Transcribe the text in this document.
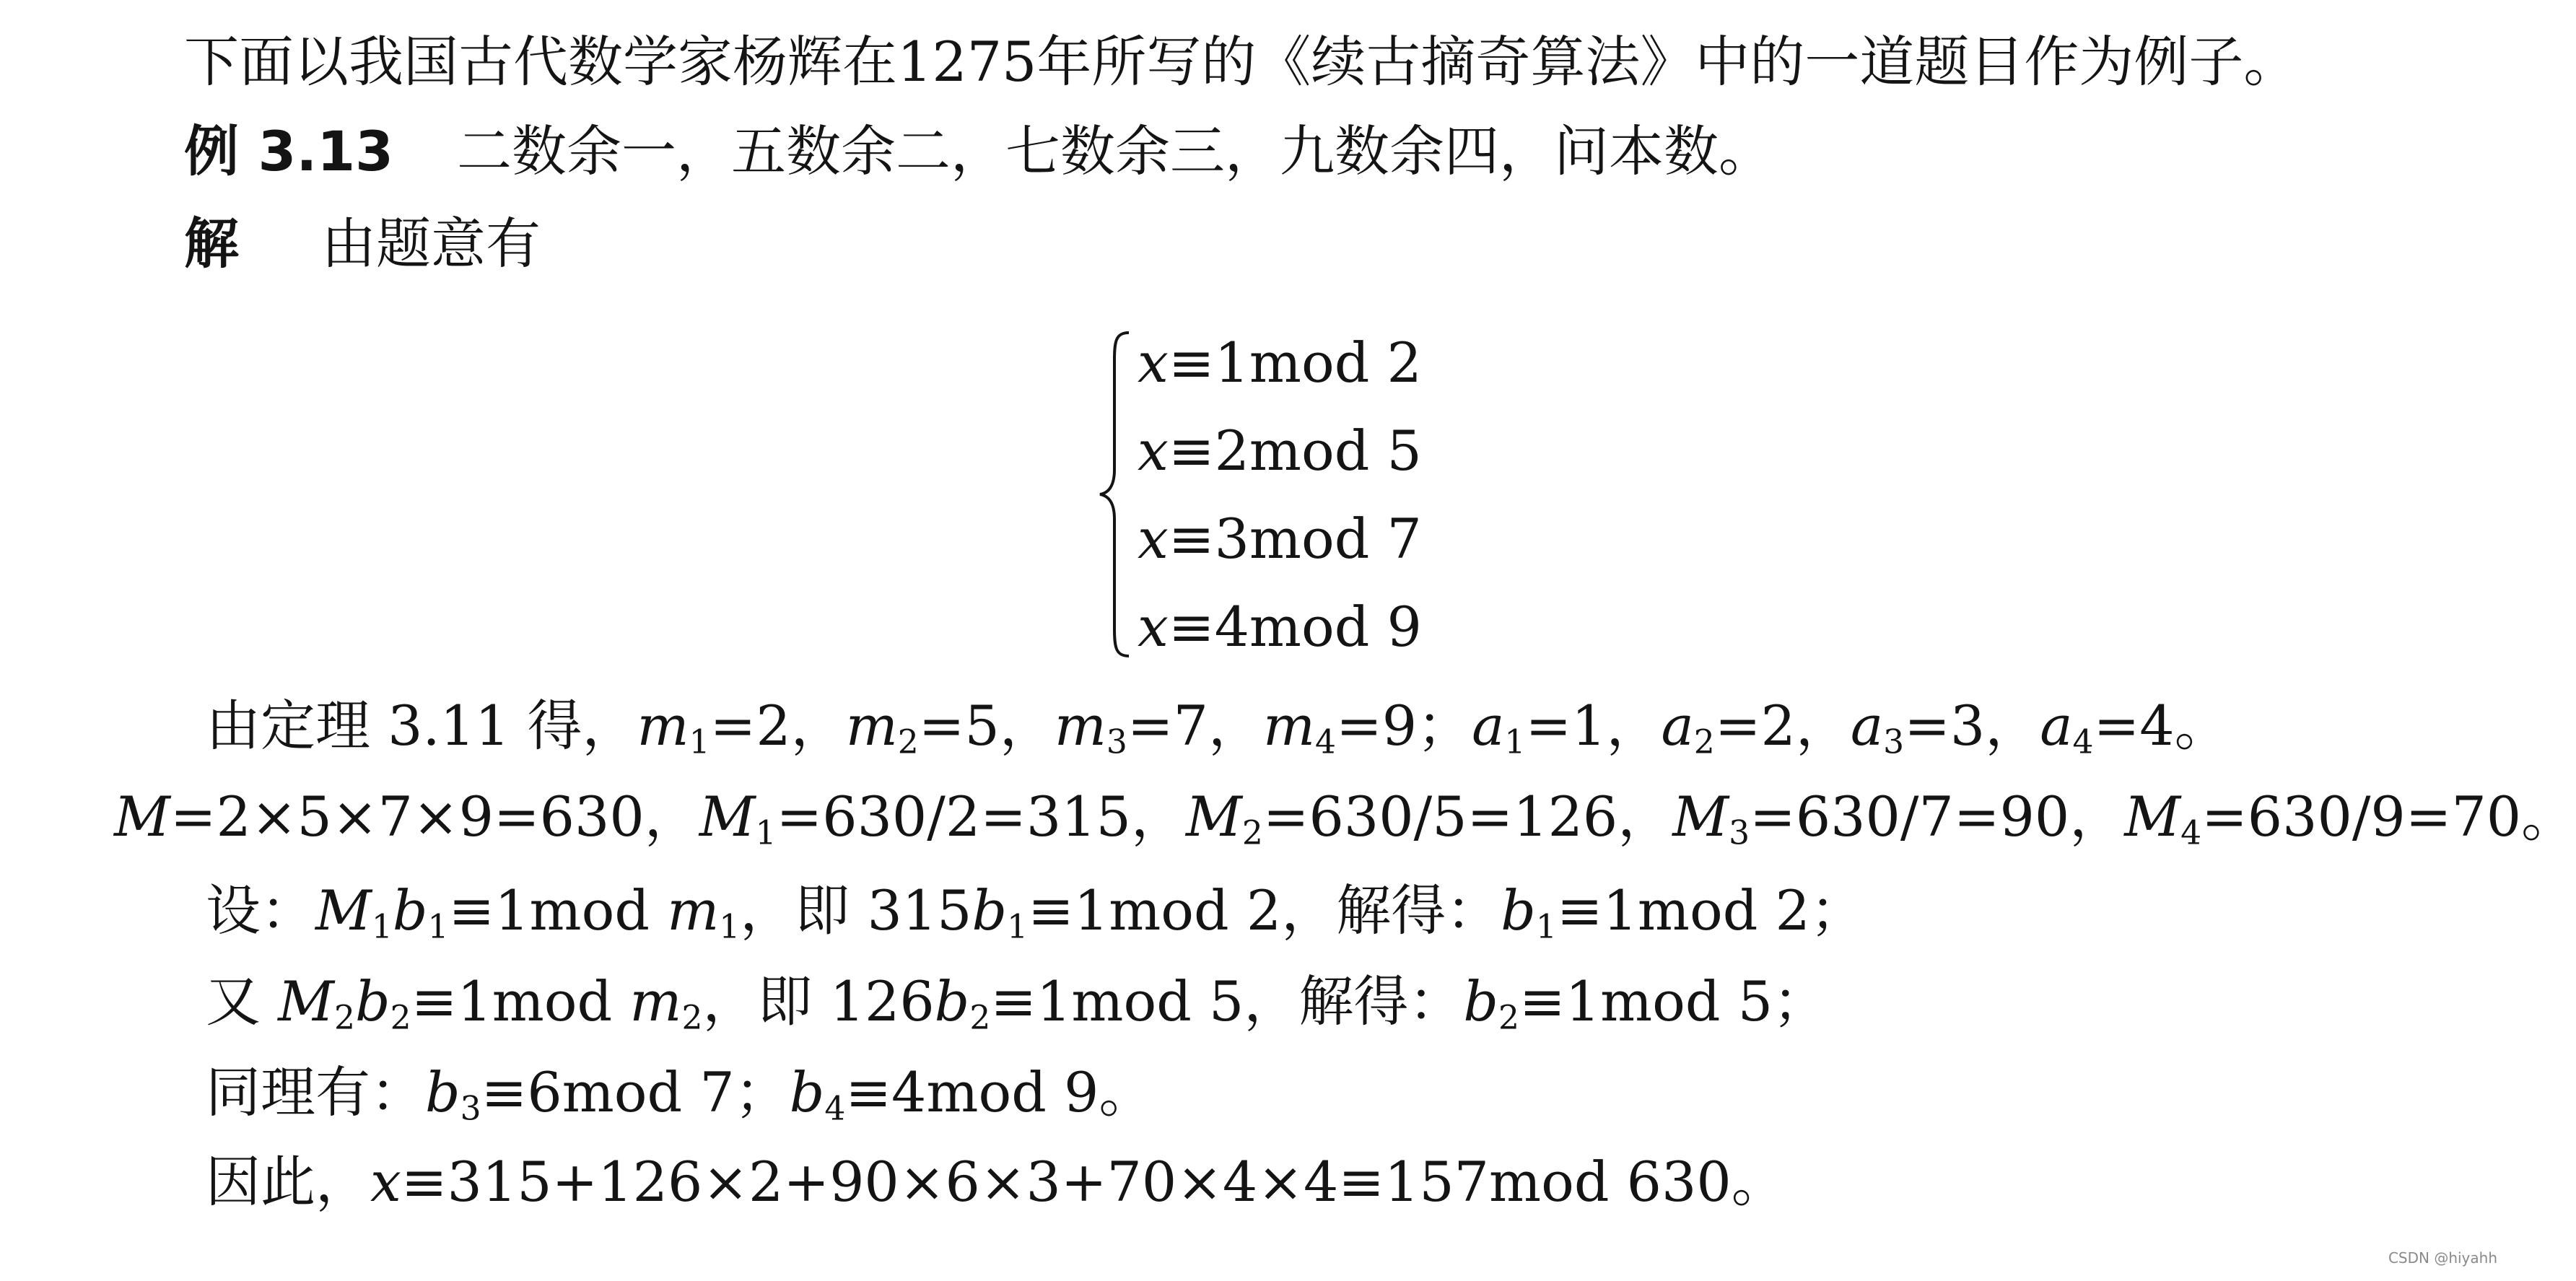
下面以我国古代数学家杨辉在1275年所写的《续古摘奇算法》中的一道题目作为例子。
例 3.13 二数余一，五数余二，七数余三，九数余四，问本数。
解 由题意有
x≡1mod 2
x≡2mod 5
x≡3mod 7
x≡4mod 9
由定理 3.11 得，$m_1=2$，$m_2=5$，$m_3=7$，$m_4=9$；$a_1=1$，$a_2=2$，$a_3=3$，$a_4=4$。
M=2×5×7×9=630，$M_1=630/2=315$，$M_2=630/5=126$，$M_3=630/7=90$，$M_4=630/9=70$。
设：$M_1b_1\equiv 1mod$ $m_1$，即 $315b_1\equiv 1mod$ 2，解得：$b_1\equiv 1mod$ 2；
又 $M_2b_2\equiv 1mod$ $m_2$，即 $126b_2\equiv 1mod$ 5，解得：$b_2\equiv 1mod$ 5；
同理有：$b_3\equiv 6mod$ 7；$b_4\equiv 4mod$ 9。
因此，x≡315+126×2+90×6×3+70×4×4≡157mod 630。
CSDN @hiyahh
